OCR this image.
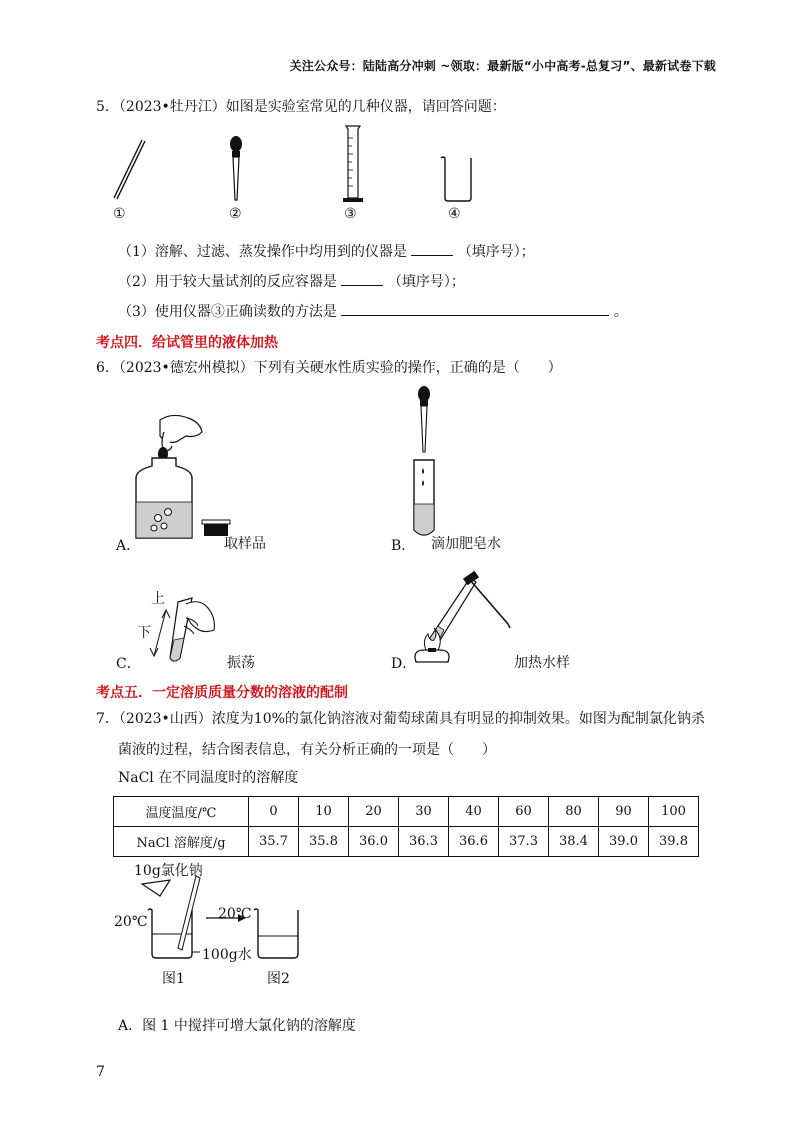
关注公众号：陆陆高分冲刺 ~领取：最新版“小中高考-总复习”、最新试卷下载
5．（2023•牡丹江）如图是实验室常见的几种仪器，请回答问题：
①	②	③	④
（1）溶解、过滤、蒸发操作中均用到的仪器是	（填序号）；
（2）用于较大量试剂的反应容器是	（填序号）；
（3）使用仪器③正确读数的方法是	。
考点四．给试管里的液体加热
6．（2023•德宏州模拟）下列有关硬水性质实验的操作，正确的是（　　）
A．	取样品	B． 滴加肥皂水
上
下
C．	振荡	D．	加热水样
考点五．一定溶质质量分数的溶液的配制
7．（2023•山西）浓度为10%的氯化钠溶液对葡萄球菌具有明显的抑制效果。如图为配制氯化钠杀
菌液的过程，结合图表信息，有关分析正确的一项是（　　）
NaCl 在不同温度时的溶解度
温度温度/℃	0	10	20	30	40	60	80	90	100
NaCl 溶解度/g	35.7	35.8	36.0	36.3	36.6	37.3	38.4	39.0	39.8
10g氯化钠
20℃	20℃
100g水
图1	图2
A．图 1 中搅拌可增大氯化钠的溶解度
7
